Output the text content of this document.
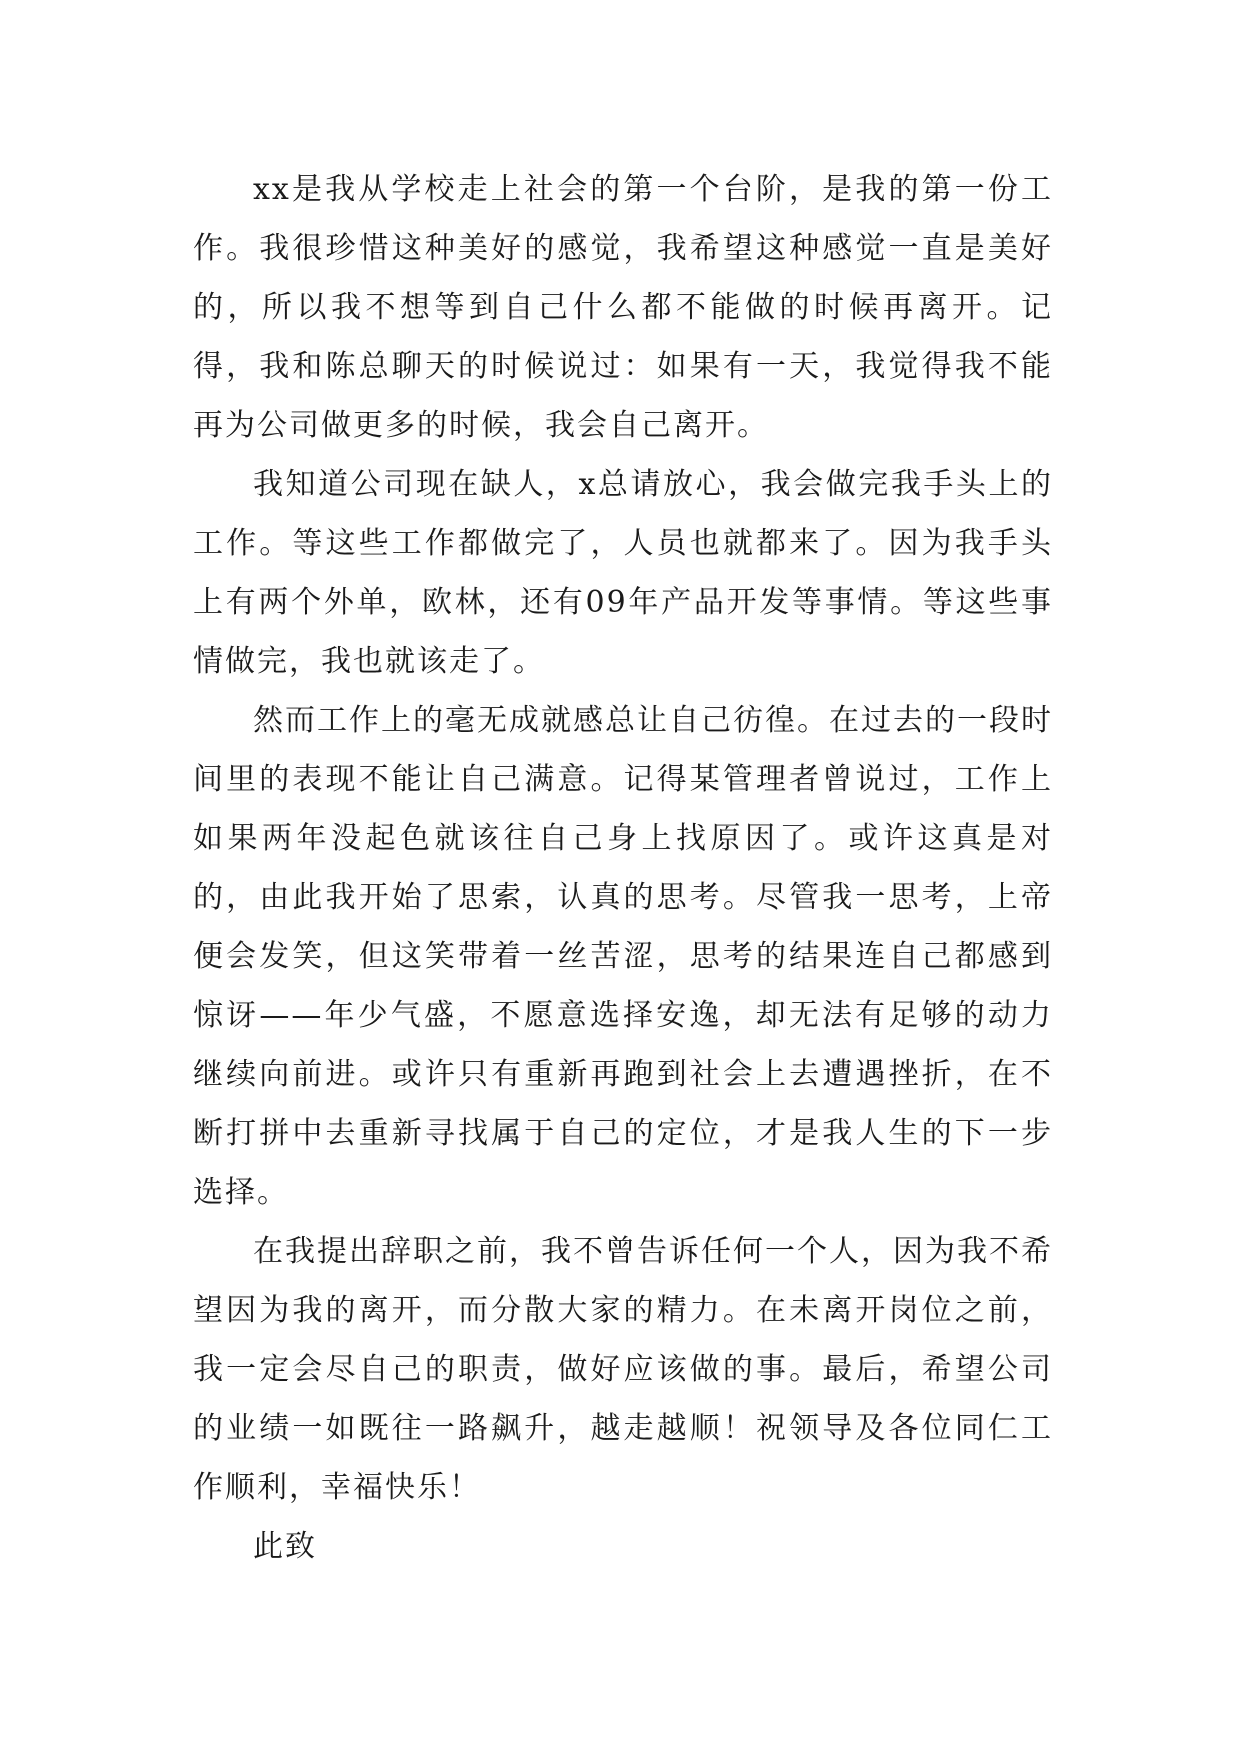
xx是我从学校走上社会的第一个台阶，是我的第一份工作。我很珍惜这种美好的感觉，我希望这种感觉一直是美好的，所以我不想等到自己什么都不能做的时候再离开。记得，我和陈总聊天的时候说过：如果有一天，我觉得我不能再为公司做更多的时候，我会自己离开。

我知道公司现在缺人，x总请放心，我会做完我手头上的工作。等这些工作都做完了，人员也就都来了。因为我手头上有两个外单，欧林，还有09年产品开发等事情。等这些事情做完，我也就该走了。

然而工作上的毫无成就感总让自己彷徨。在过去的一段时间里的表现不能让自己满意。记得某管理者曾说过，工作上如果两年没起色就该往自己身上找原因了。或许这真是对的，由此我开始了思索，认真的思考。尽管我一思考，上帝便会发笑，但这笑带着一丝苦涩，思考的结果连自己都感到惊讶——年少气盛，不愿意选择安逸，却无法有足够的动力继续向前进。或许只有重新再跑到社会上去遭遇挫折，在不断打拼中去重新寻找属于自己的定位，才是我人生的下一步选择。

在我提出辞职之前，我不曾告诉任何一个人，因为我不希望因为我的离开，而分散大家的精力。在未离开岗位之前，我一定会尽自己的职责，做好应该做的事。最后，希望公司的业绩一如既往一路飙升，越走越顺！祝领导及各位同仁工作顺利，幸福快乐！

此致
